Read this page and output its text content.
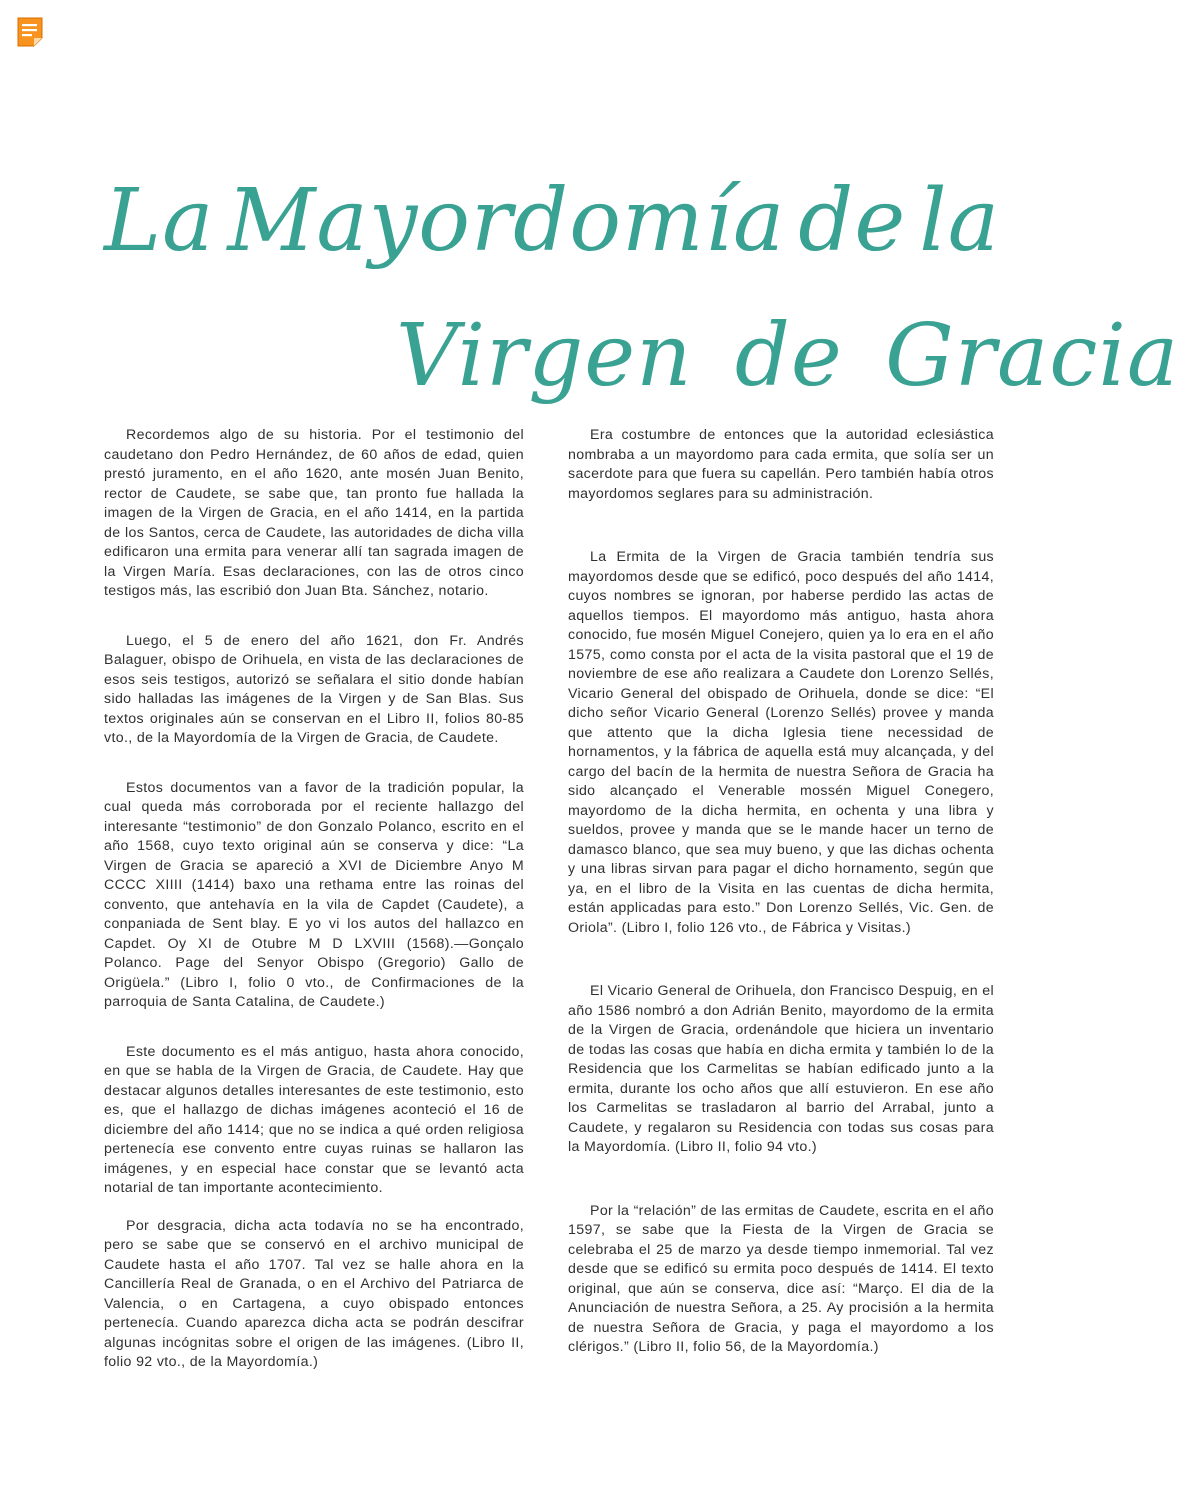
La Mayordomía de la
Virgen de Gracia

Recordemos algo de su historia. Por el testimonio del caudetano don Pedro Hernández, de 60 años de edad, quien prestó juramento, en el año 1620, ante mosén Juan Benito, rector de Caudete, se sabe que, tan pronto fue hallada la imagen de la Virgen de Gracia, en el año 1414, en la partida de los Santos, cerca de Caudete, las autoridades de dicha villa edificaron una ermita para venerar allí tan sagrada imagen de la Virgen María. Esas declaraciones, con las de otros cinco testigos más, las escribió don Juan Bta. Sánchez, notario.

Luego, el 5 de enero del año 1621, don Fr. Andrés Balaguer, obispo de Orihuela, en vista de las declaraciones de esos seis testigos, autorizó se señalara el sitio donde habían sido halladas las imágenes de la Virgen y de San Blas. Sus textos originales aún se conservan en el Libro II, folios 80-85 vto., de la Mayordomía de la Virgen de Gracia, de Caudete.

Estos documentos van a favor de la tradición popular, la cual queda más corroborada por el reciente hallazgo del interesante “testimonio” de don Gonzalo Polanco, escrito en el año 1568, cuyo texto original aún se conserva y dice: “La Virgen de Gracia se apareció a XVI de Diciembre Anyo M CCCC XIIII (1414) baxo una rethama entre las roinas del convento, que antehavía en la vila de Capdet (Caudete), a conpaniada de Sent blay. E yo vi los autos del hallazco en Capdet. Oy XI de Otubre M D LXVIII (1568).—Gonçalo Polanco. Page del Senyor Obispo (Gregorio) Gallo de Origüela.” (Libro I, folio 0 vto., de Confirmaciones de la parroquia de Santa Catalina, de Caudete.)

Este documento es el más antiguo, hasta ahora conocido, en que se habla de la Virgen de Gracia, de Caudete. Hay que destacar algunos detalles interesantes de este testimonio, esto es, que el hallazgo de dichas imágenes aconteció el 16 de diciembre del año 1414; que no se indica a qué orden religiosa pertenecía ese convento entre cuyas ruinas se hallaron las imágenes, y en especial hace constar que se levantó acta notarial de tan importante acontecimiento.

Por desgracia, dicha acta todavía no se ha encontrado, pero se sabe que se conservó en el archivo municipal de Caudete hasta el año 1707. Tal vez se halle ahora en la Cancillería Real de Granada, o en el Archivo del Patriarca de Valencia, o en Cartagena, a cuyo obispado entonces pertenecía. Cuando aparezca dicha acta se podrán descifrar algunas incógnitas sobre el origen de las imágenes. (Libro II, folio 92 vto., de la Mayordomía.)

Era costumbre de entonces que la autoridad eclesiástica nombraba a un mayordomo para cada ermita, que solía ser un sacerdote para que fuera su capellán. Pero también había otros mayordomos seglares para su administración.

La Ermita de la Virgen de Gracia también tendría sus mayordomos desde que se edificó, poco después del año 1414, cuyos nombres se ignoran, por haberse perdido las actas de aquellos tiempos. El mayordomo más antiguo, hasta ahora conocido, fue mosén Miguel Conejero, quien ya lo era en el año 1575, como consta por el acta de la visita pastoral que el 19 de noviembre de ese año realizara a Caudete don Lorenzo Sellés, Vicario General del obispado de Orihuela, donde se dice: “El dicho señor Vicario General (Lorenzo Sellés) provee y manda que attento que la dicha Iglesia tiene necessidad de hornamentos, y la fábrica de aquella está muy alcançada, y del cargo del bacín de la hermita de nuestra Señora de Gracia ha sido alcançado el Venerable mossén Miguel Conegero, mayordomo de la dicha hermita, en ochenta y una libra y sueldos, provee y manda que se le mande hacer un terno de damasco blanco, que sea muy bueno, y que las dichas ochenta y una libras sirvan para pagar el dicho hornamento, según que ya, en el libro de la Visita en las cuentas de dicha hermita, están applicadas para esto.” Don Lorenzo Sellés, Vic. Gen. de Oriola”. (Libro I, folio 126 vto., de Fábrica y Visitas.)

El Vicario General de Orihuela, don Francisco Despuig, en el año 1586 nombró a don Adrián Benito, mayordomo de la ermita de la Virgen de Gracia, ordenándole que hiciera un inventario de todas las cosas que había en dicha ermita y también lo de la Residencia que los Carmelitas se habían edificado junto a la ermita, durante los ocho años que allí estuvieron. En ese año los Carmelitas se trasladaron al barrio del Arrabal, junto a Caudete, y regalaron su Residencia con todas sus cosas para la Mayordomía. (Libro II, folio 94 vto.)

Por la “relación” de las ermitas de Caudete, escrita en el año 1597, se sabe que la Fiesta de la Virgen de Gracia se celebraba el 25 de marzo ya desde tiempo inmemorial. Tal vez desde que se edificó su ermita poco después de 1414. El texto original, que aún se conserva, dice así: “Março. El dia de la Anunciación de nuestra Señora, a 25. Ay procisión a la hermita de nuestra Señora de Gracia, y paga el mayordomo a los clérigos.” (Libro II, folio 56, de la Mayordomía.)
